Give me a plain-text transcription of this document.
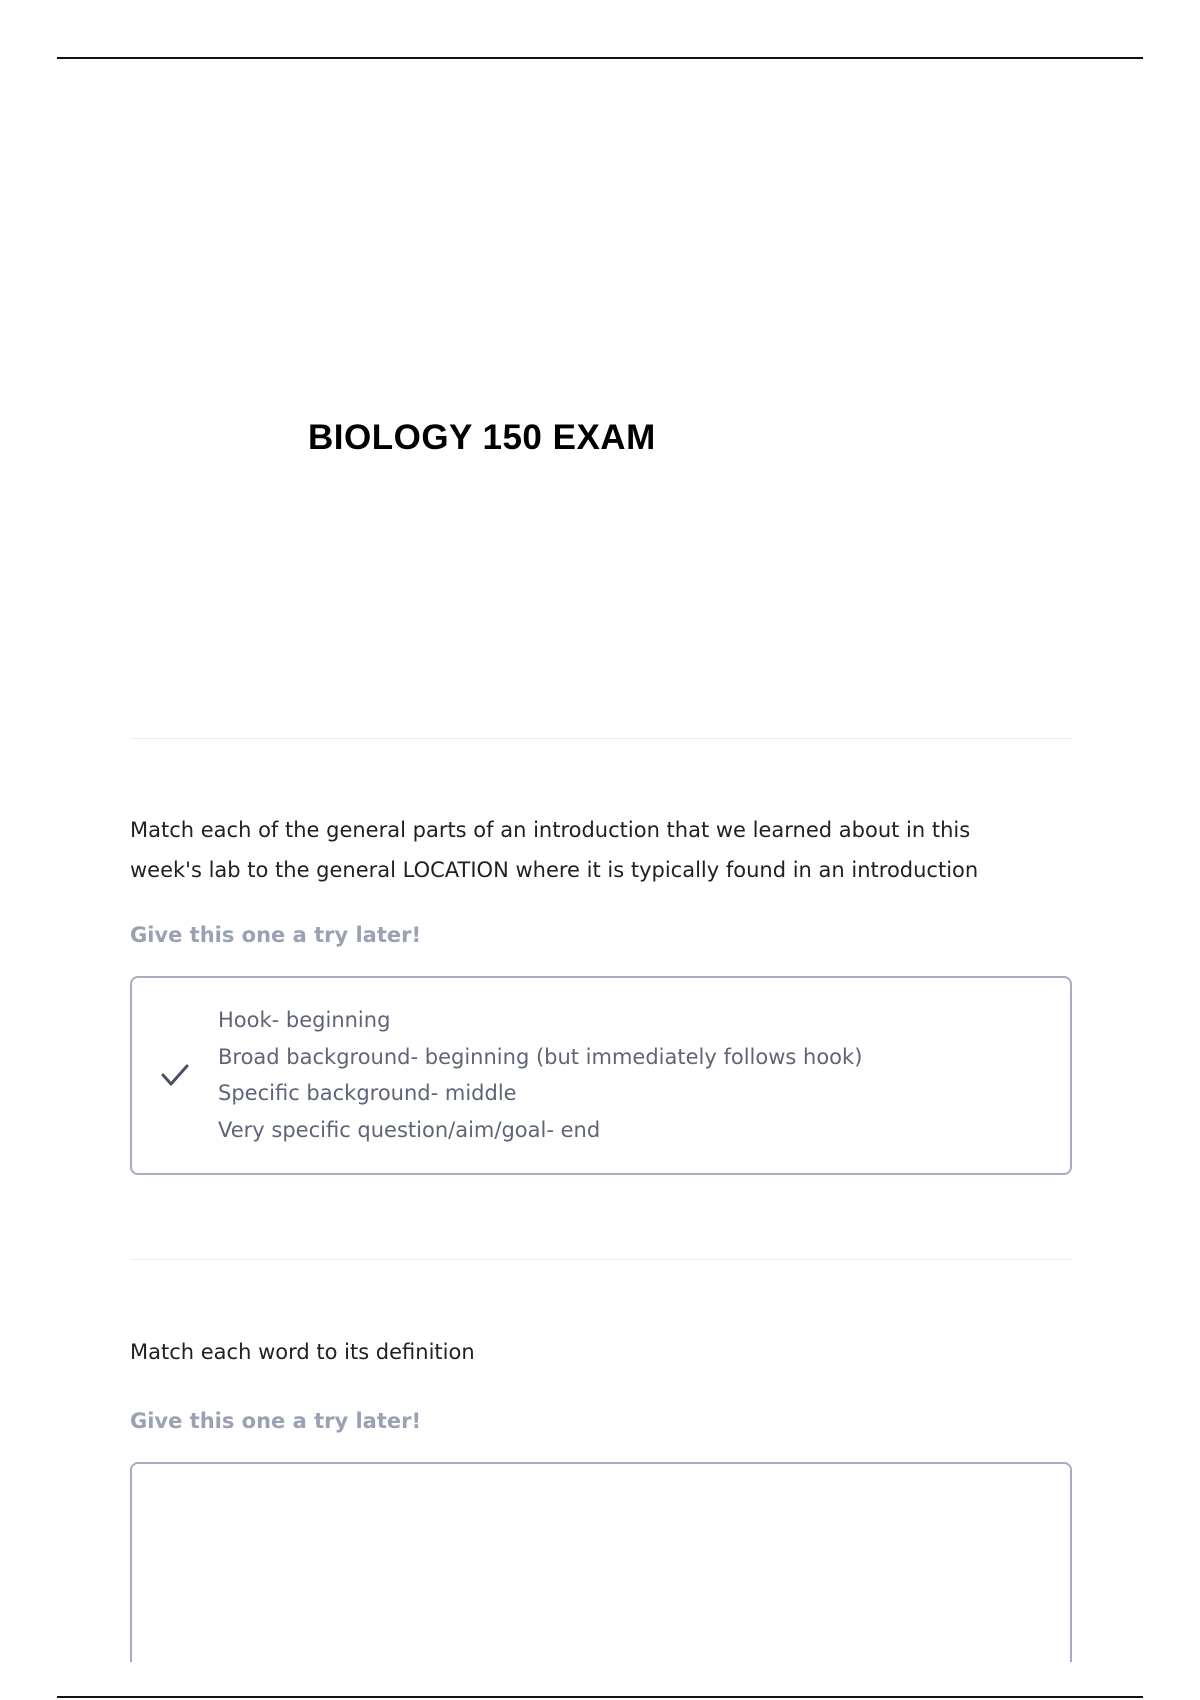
BIOLOGY 150 EXAM

Match each of the general parts of an introduction that we learned about in this
week's lab to the general LOCATION where it is typically found in an introduction

Give this one a try later!

Hook- beginning
Broad background- beginning (but immediately follows hook)
Specific background- middle
Very specific question/aim/goal- end

Match each word to its definition

Give this one a try later!
